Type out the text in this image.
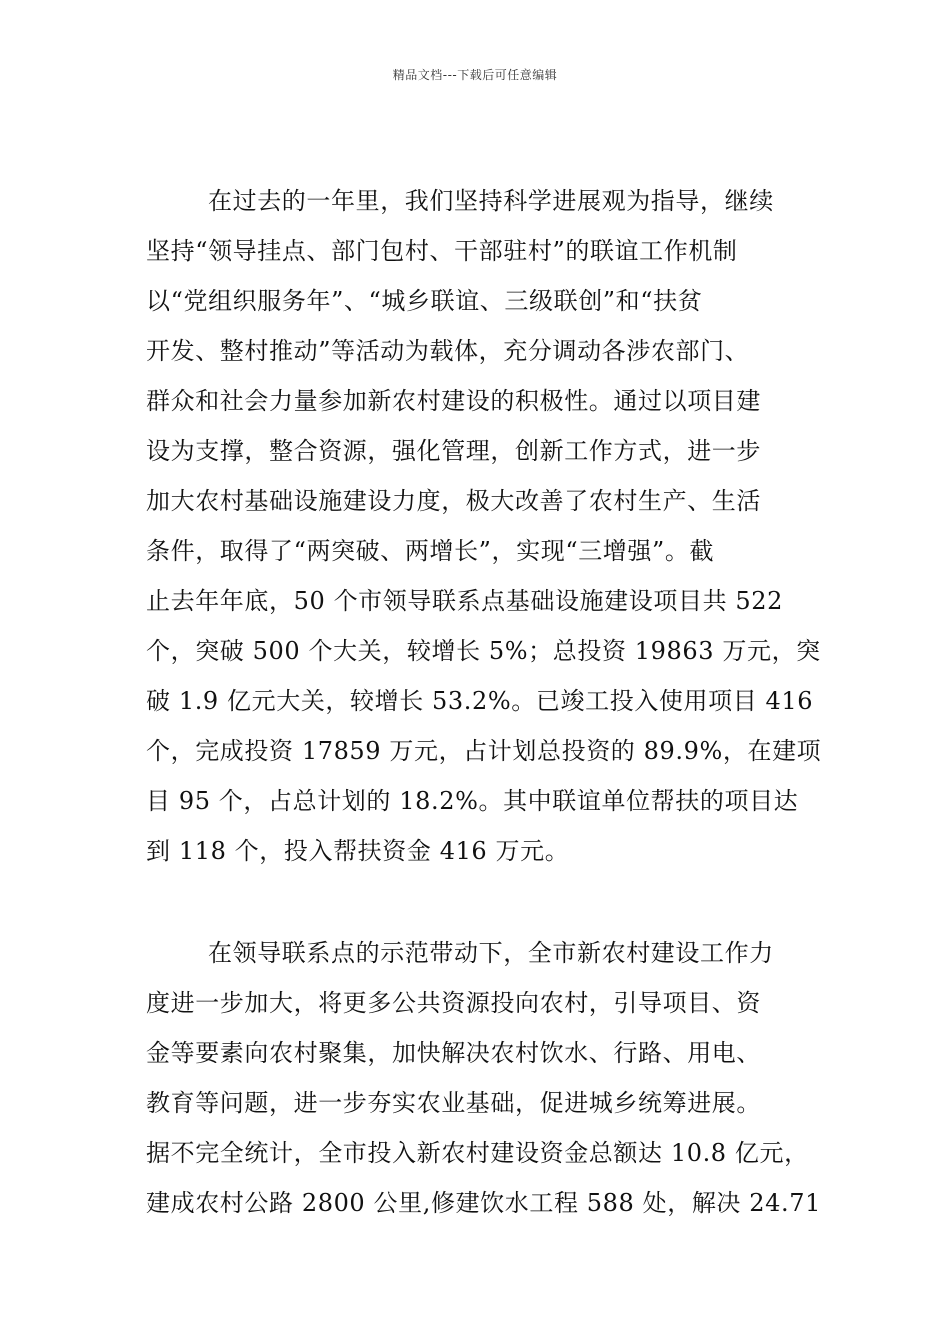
精品文档---下载后可任意编辑
在过去的一年里，我们坚持科学进展观为指导，继续
坚持“领导挂点、部门包村、干部驻村”的联谊工作机制
以“党组织服务年”、“城乡联谊、三级联创”和“扶贫
开发、整村推动”等活动为载体，充分调动各涉农部门、
群众和社会力量参加新农村建设的积极性。通过以项目建
设为支撑，整合资源，强化管理，创新工作方式，进一步
加大农村基础设施建设力度，极大改善了农村生产、生活
条件，取得了“两突破、两增长”，实现“三增强”。截
止去年年底，50 个市领导联系点基础设施建设项目共 522
个，突破 500 个大关，较增长 5%；总投资 19863 万元，突
破 1.9 亿元大关，较增长 53.2%。已竣工投入使用项目 416
个，完成投资 17859 万元，占计划总投资的 89.9%，在建项
目 95 个，占总计划的 18.2%。其中联谊单位帮扶的项目达
到 118 个，投入帮扶资金 416 万元。
在领导联系点的示范带动下，全市新农村建设工作力
度进一步加大，将更多公共资源投向农村，引导项目、资
金等要素向农村聚集，加快解决农村饮水、行路、用电、
教育等问题，进一步夯实农业基础，促进城乡统筹进展。
据不完全统计，全市投入新农村建设资金总额达 10.8 亿元，
建成农村公路 2800 公里,修建饮水工程 588 处，解决 24.71
